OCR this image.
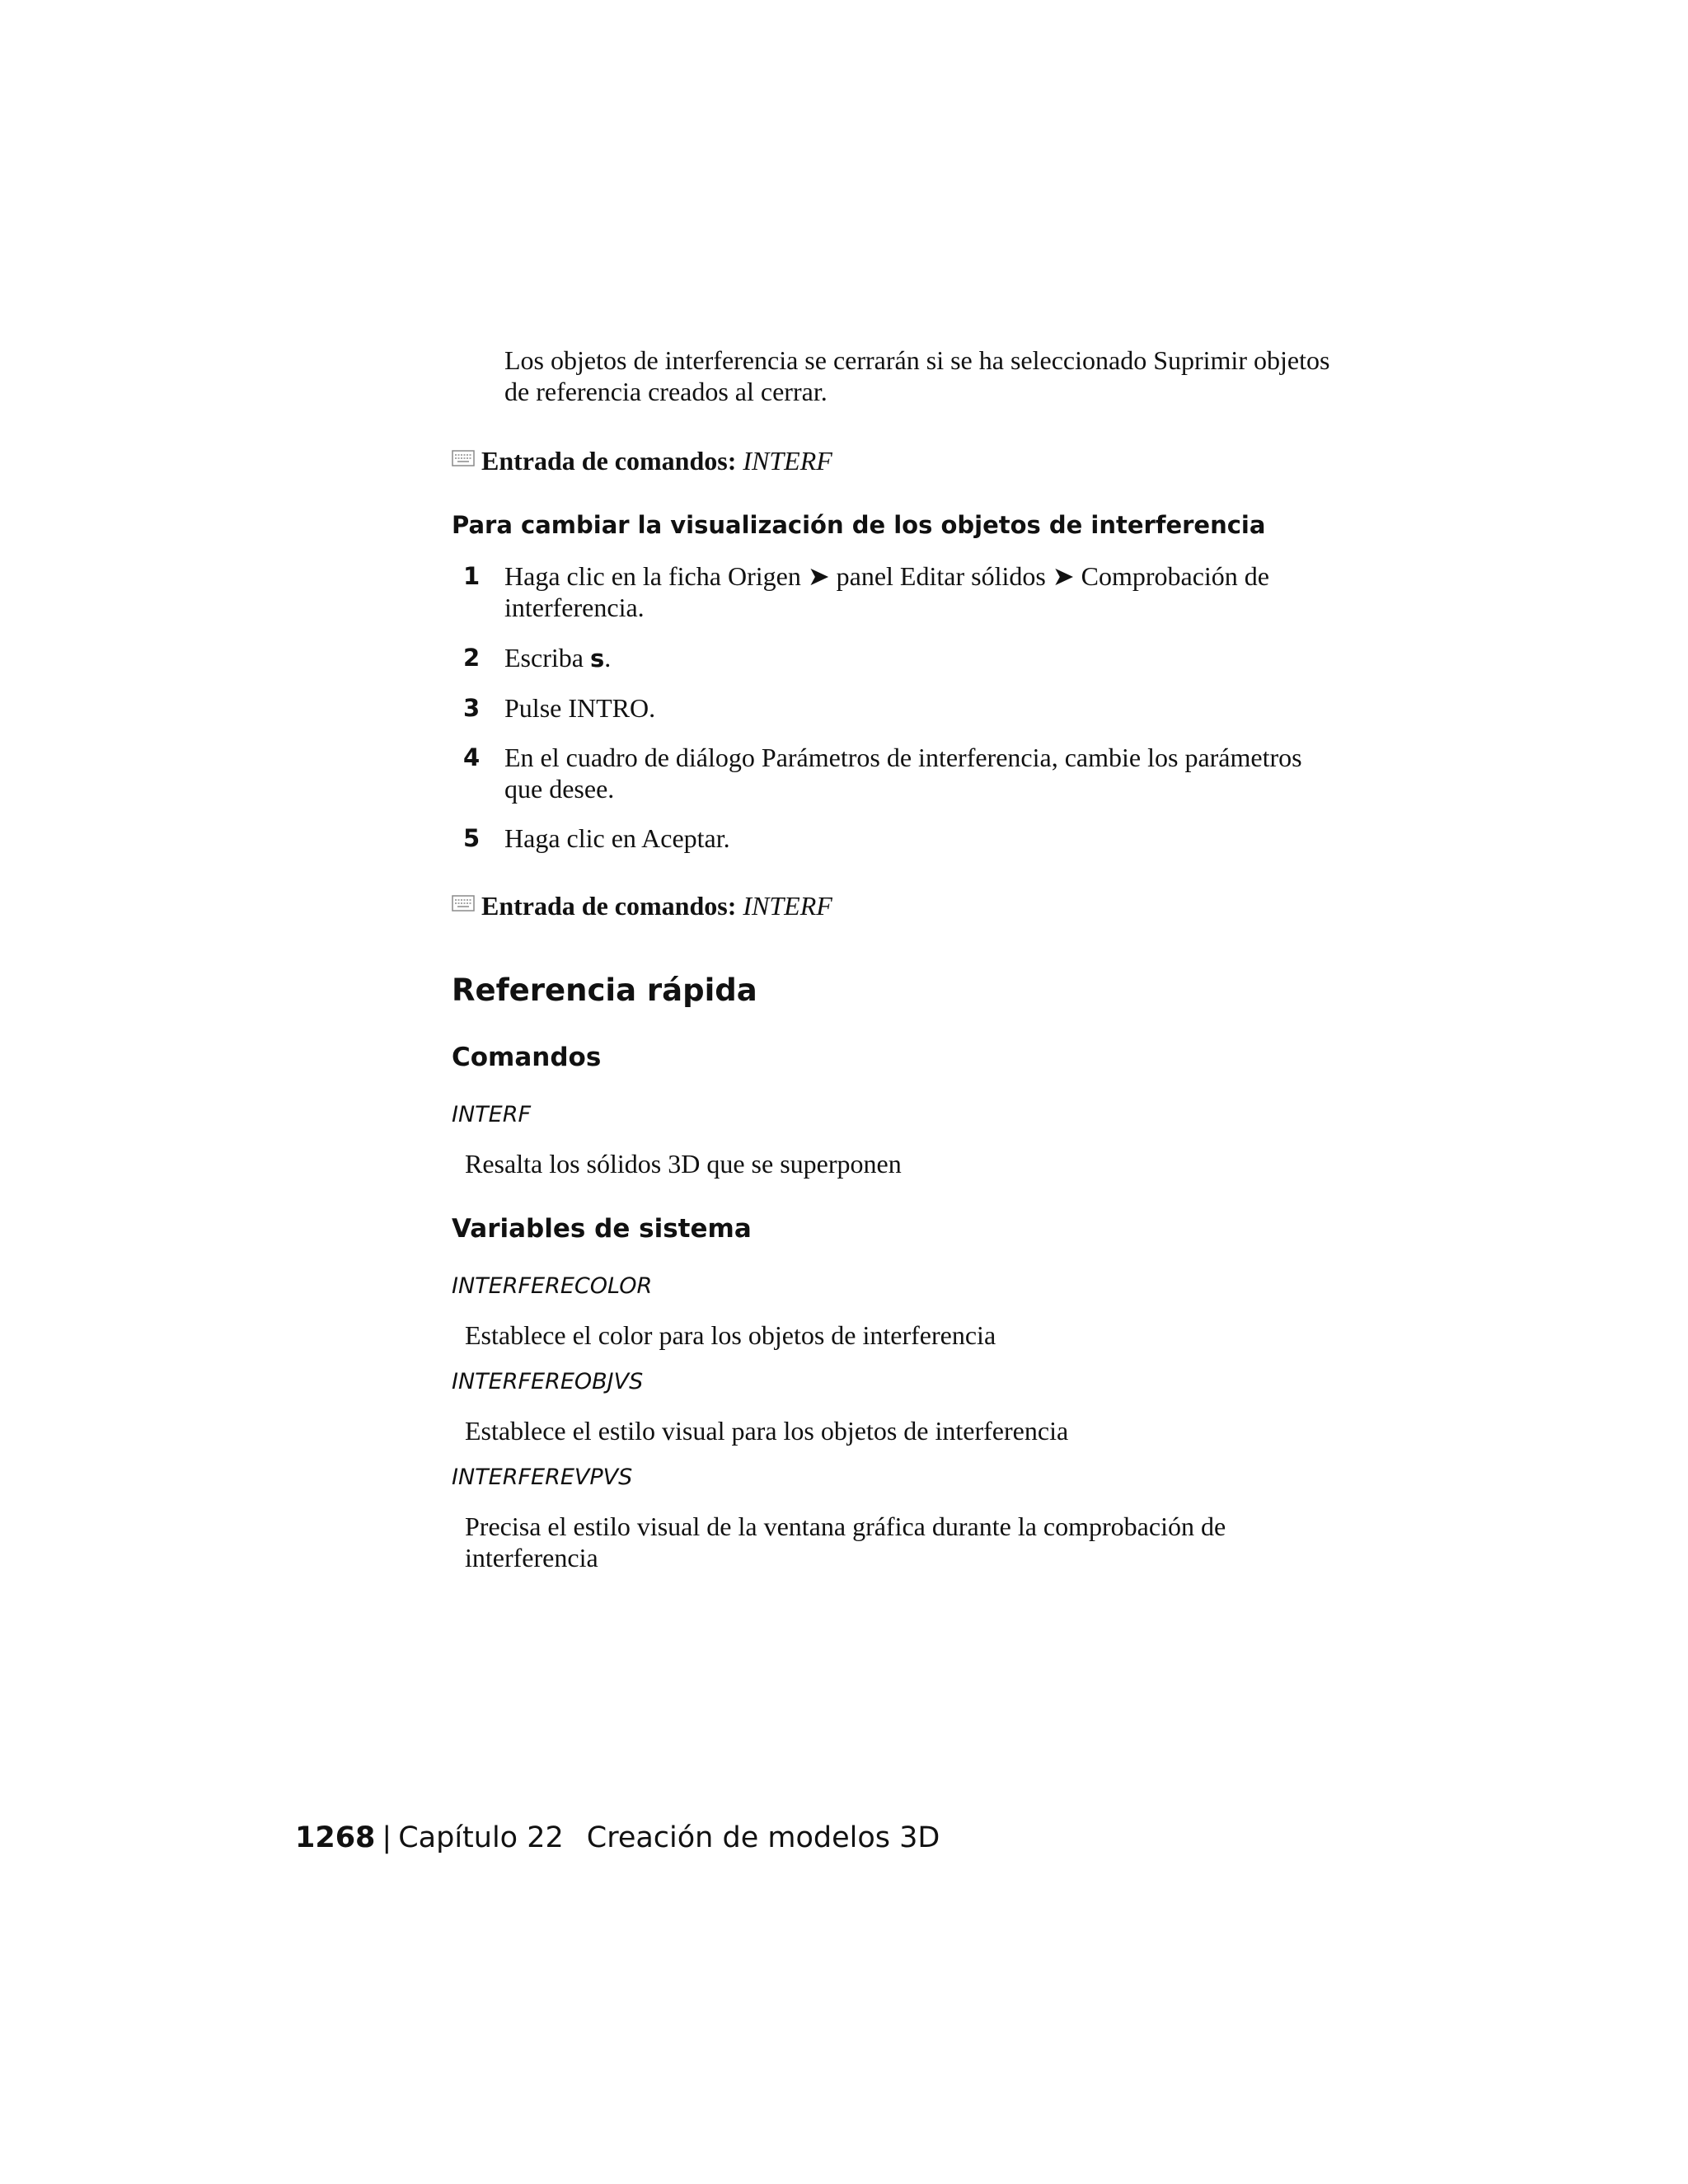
Los objetos de interferencia se cerrarán si se ha seleccionado Suprimir objetos de referencia creados al cerrar.
Entrada de comandos: INTERF
Para cambiar la visualización de los objetos de interferencia
1 Haga clic en la ficha Origen ➤ panel Editar sólidos ➤ Comprobación de interferencia.
2 Escriba s.
3 Pulse INTRO.
4 En el cuadro de diálogo Parámetros de interferencia, cambie los parámetros que desee.
5 Haga clic en Aceptar.
Entrada de comandos: INTERF
Referencia rápida
Comandos
INTERF
Resalta los sólidos 3D que se superponen
Variables de sistema
INTERFERECOLOR
Establece el color para los objetos de interferencia
INTERFEREOBJVS
Establece el estilo visual para los objetos de interferencia
INTERFEREVPVS
Precisa el estilo visual de la ventana gráfica durante la comprobación de interferencia
1268 | Capítulo 22 Creación de modelos 3D
